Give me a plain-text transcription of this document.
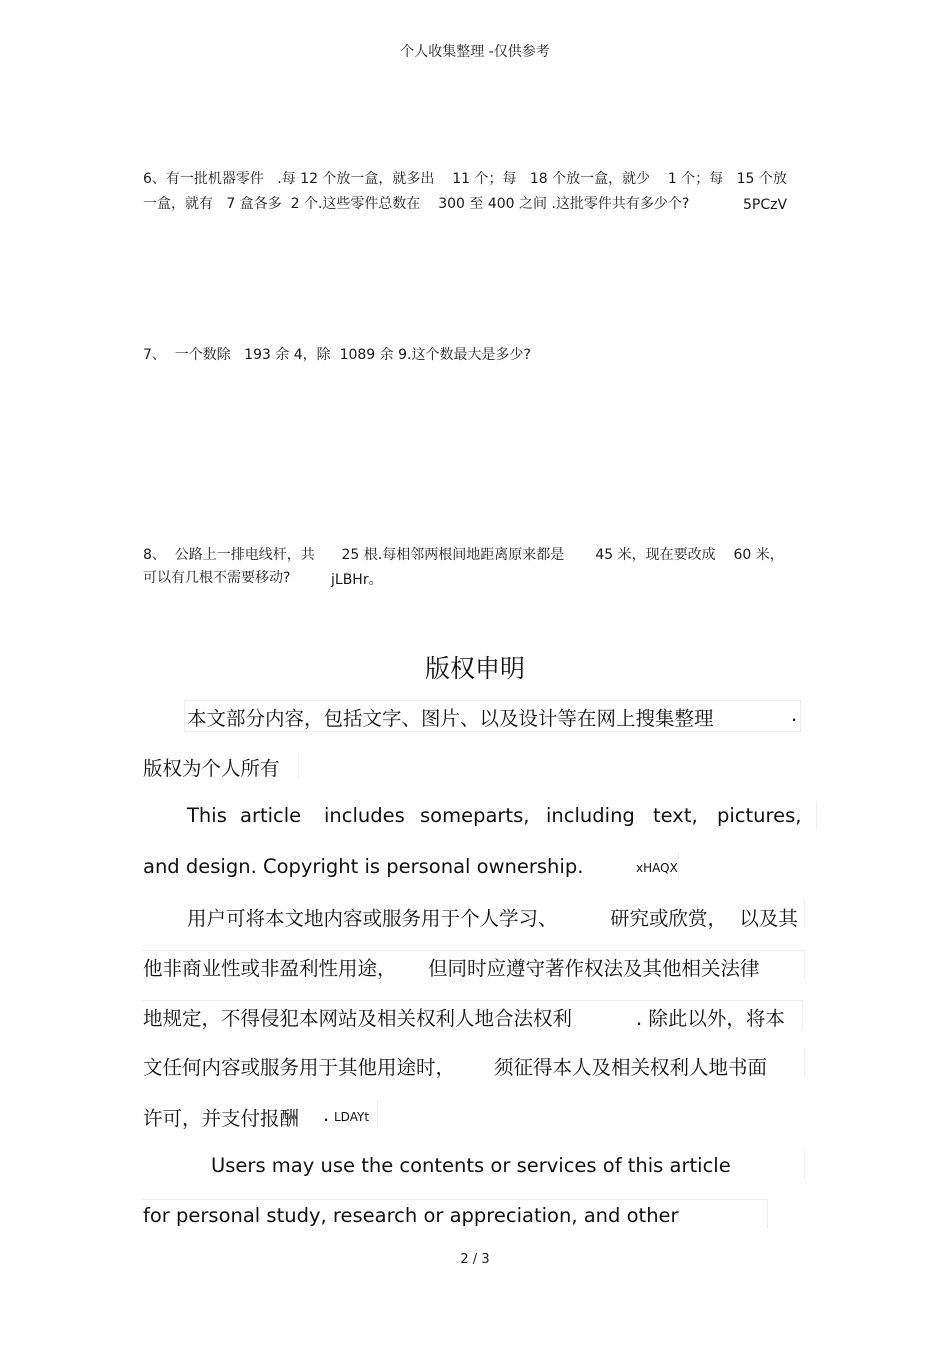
个人收集整理 -仅供参考
6、有一批机器零件   .每 12 个放一盒，就多出    11 个；每   18 个放一盒，就少    1 个；每   15 个放
一盒，就有   7 盒各多  2 个.这些零件总数在    300 至 400 之间 .这批零件共有多少个?	5PCzV
7、  一个数除   193 余 4，除  1089 余 9.这个数最大是多少?
8、  公路上一排电线杆，共      25 根.每相邻两根间地距离原来都是       45 米，现在要改成    60 米，
可以有几根不需要移动?	jLBHr。
版权申明
本文部分内容，包括文字、图片、以及设计等在网上搜集整理	.
版权为个人所有
This article includes someparts, including text, pictures,
and design. Copyright is personal ownership.	xHAQX
用户可将本文地内容或服务用于个人学习、	研究或欣赏，  以及其
他非商业性或非盈利性用途， 但同时应遵守著作权法及其他相关法律
地规定，不得侵犯本网站及相关权利人地合法权利	. 除此以外，将本
文任何内容或服务用于其他用途时， 须征得本人及相关权利人地书面
许可，并支付报酬 . LDAYt
Users may use the contents or services of this article
for personal study, research or appreciation, and other
2 / 3
